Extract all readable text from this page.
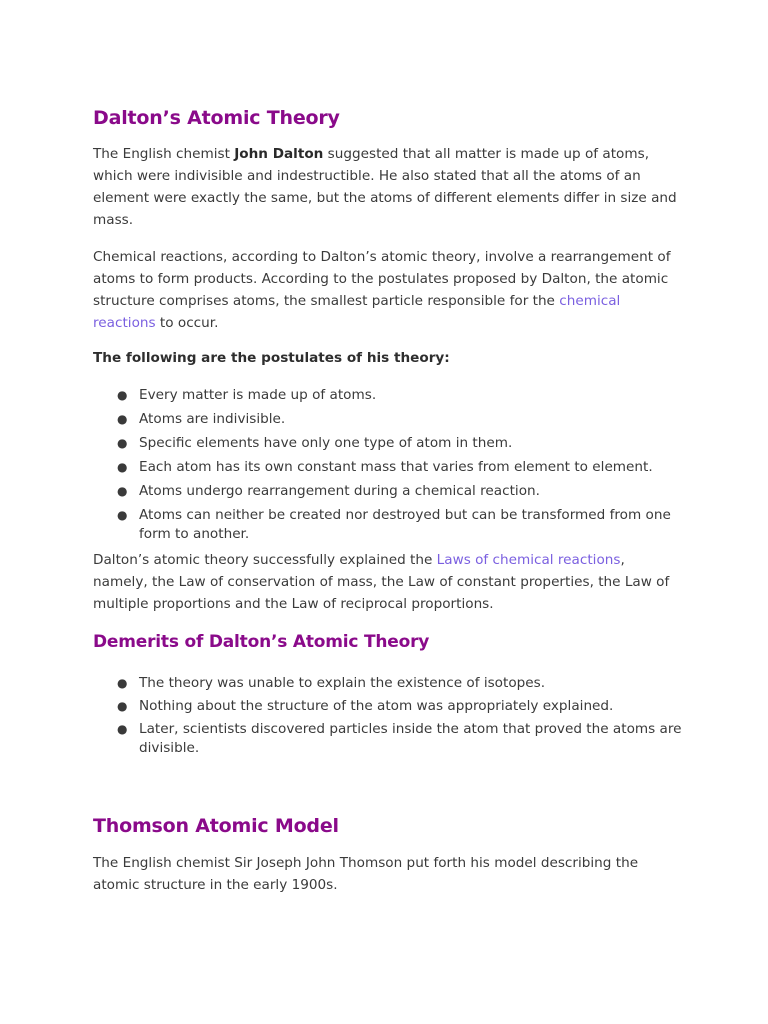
Dalton’s Atomic Theory

The English chemist John Dalton suggested that all matter is made up of atoms, which were indivisible and indestructible. He also stated that all the atoms of an element were exactly the same, but the atoms of different elements differ in size and mass.

Chemical reactions, according to Dalton’s atomic theory, involve a rearrangement of atoms to form products. According to the postulates proposed by Dalton, the atomic structure comprises atoms, the smallest particle responsible for the chemical reactions to occur.

The following are the postulates of his theory:

● Every matter is made up of atoms.
● Atoms are indivisible.
● Specific elements have only one type of atom in them.
● Each atom has its own constant mass that varies from element to element.
● Atoms undergo rearrangement during a chemical reaction.
● Atoms can neither be created nor destroyed but can be transformed from one form to another.

Dalton’s atomic theory successfully explained the Laws of chemical reactions, namely, the Law of conservation of mass, the Law of constant properties, the Law of multiple proportions and the Law of reciprocal proportions.

Demerits of Dalton’s Atomic Theory
● The theory was unable to explain the existence of isotopes.
● Nothing about the structure of the atom was appropriately explained.
● Later, scientists discovered particles inside the atom that proved the atoms are divisible.
Thomson Atomic Model

The English chemist Sir Joseph John Thomson put forth his model describing the atomic structure in the early 1900s.
